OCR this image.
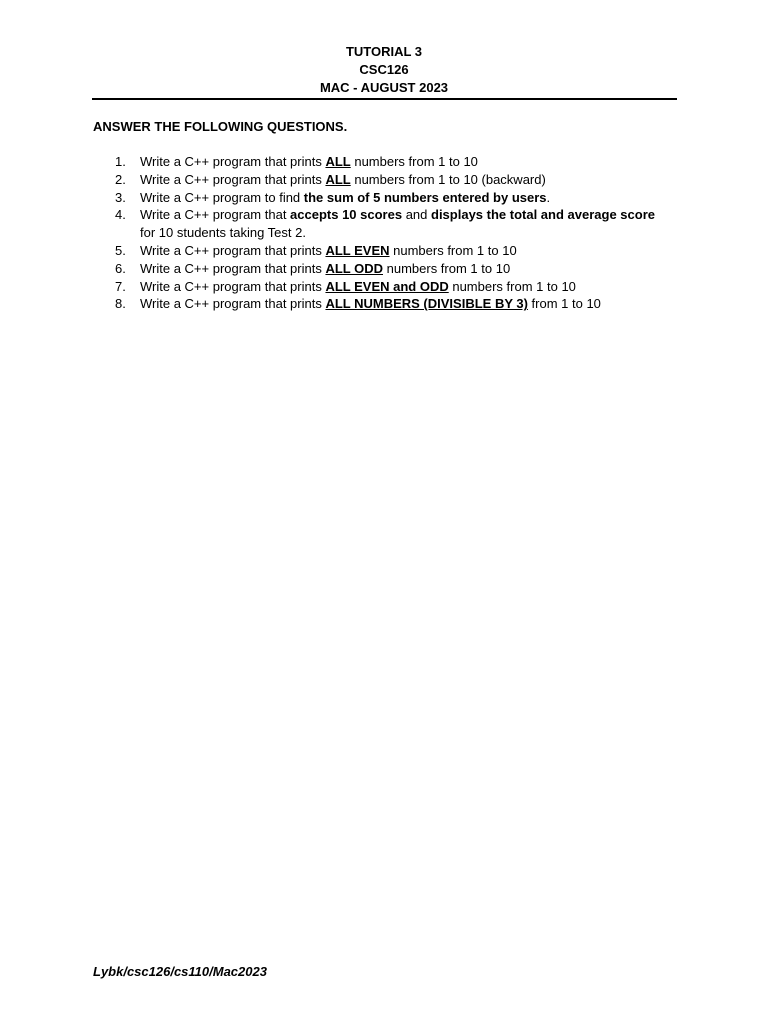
TUTORIAL 3
CSC126
MAC - AUGUST 2023
ANSWER THE FOLLOWING QUESTIONS.
1. Write a C++ program that prints ALL numbers from 1 to 10
2. Write a C++ program that prints ALL numbers from 1 to 10 (backward)
3. Write a C++ program to find the sum of 5 numbers entered by users.
4. Write a C++ program that accepts 10 scores and displays the total and average score for 10 students taking Test 2.
5. Write a C++ program that prints ALL EVEN numbers from 1 to 10
6. Write a C++ program that prints ALL ODD numbers from 1 to 10
7. Write a C++ program that prints ALL EVEN and ODD numbers from 1 to 10
8. Write a C++ program that prints ALL NUMBERS (DIVISIBLE BY 3) from 1 to 10
Lybk/csc126/cs110/Mac2023
